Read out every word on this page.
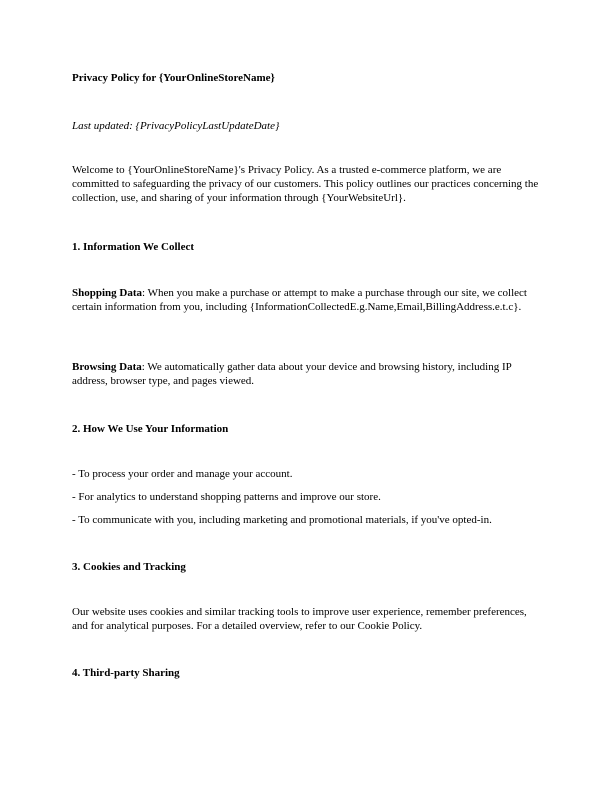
Privacy Policy for {YourOnlineStoreName}

Last updated: {PrivacyPolicyLastUpdateDate}

Welcome to {YourOnlineStoreName}'s Privacy Policy. As a trusted e-commerce platform, we are committed to safeguarding the privacy of our customers. This policy outlines our practices concerning the collection, use, and sharing of your information through {YourWebsiteUrl}.

1. Information We Collect

Shopping Data: When you make a purchase or attempt to make a purchase through our site, we collect certain information from you, including {InformationCollectedE.g.Name,Email,BillingAddress.e.t.c}.

Browsing Data: We automatically gather data about your device and browsing history, including IP address, browser type, and pages viewed.

2. How We Use Your Information

- To process your order and manage your account.

- For analytics to understand shopping patterns and improve our store.

- To communicate with you, including marketing and promotional materials, if you've opted-in.

3. Cookies and Tracking

Our website uses cookies and similar tracking tools to improve user experience, remember preferences, and for analytical purposes. For a detailed overview, refer to our Cookie Policy.

4. Third-party Sharing
